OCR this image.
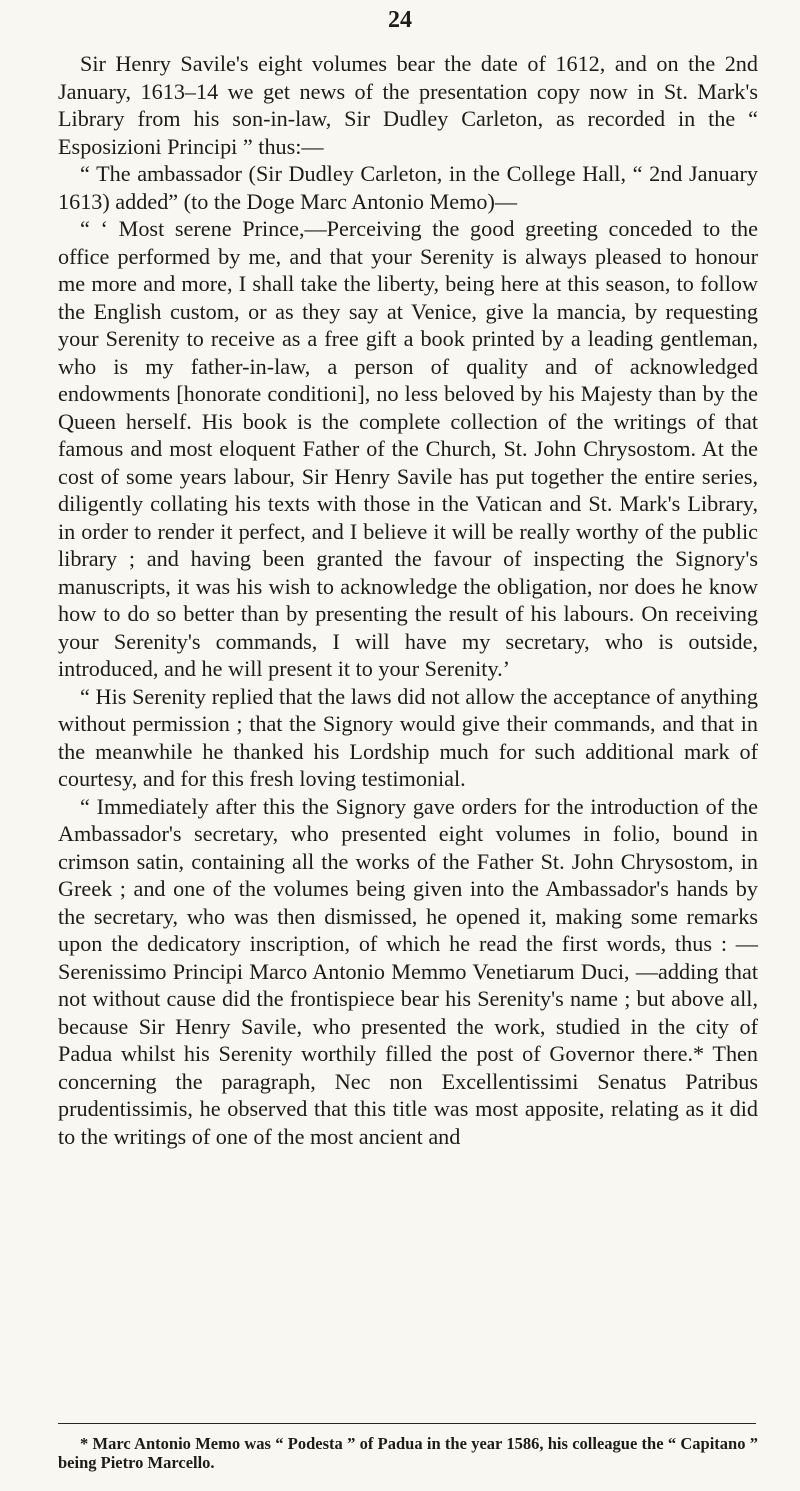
24

Sir Henry Savile's eight volumes bear the date of 1612, and on the 2nd January, 1613–14 we get news of the presentation copy now in St. Mark's Library from his son-in-law, Sir Dudley Carleton, as recorded in the “ Esposizioni Principi ” thus:—

“ The ambassador (Sir Dudley Carleton, in the College Hall, “ 2nd January 1613) added” (to the Doge Marc Antonio Memo)—

“ ‘ Most serene Prince,—Perceiving the good greeting conceded to the office performed by me, and that your Serenity is always pleased to honour me more and more, I shall take the liberty, being here at this season, to follow the English custom, or as they say at Venice, give la mancia, by requesting your Serenity to receive as a free gift a book printed by a leading gentleman, who is my father-in-law, a person of quality and of acknowledged endowments [honorate conditioni], no less beloved by his Majesty than by the Queen herself. His book is the complete collection of the writings of that famous and most eloquent Father of the Church, St. John Chrysostom. At the cost of some years labour, Sir Henry Savile has put together the entire series, diligently collating his texts with those in the Vatican and St. Mark's Library, in order to render it perfect, and I believe it will be really worthy of the public library ; and having been granted the favour of inspecting the Signory's manuscripts, it was his wish to acknowledge the obligation, nor does he know how to do so better than by presenting the result of his labours. On receiving your Serenity's commands, I will have my secretary, who is outside, introduced, and he will present it to your Serenity.’

“ His Serenity replied that the laws did not allow the acceptance of anything without permission ; that the Signory would give their commands, and that in the meanwhile he thanked his Lordship much for such additional mark of courtesy, and for this fresh loving testimonial.

“ Immediately after this the Signory gave orders for the introduction of the Ambassador's secretary, who presented eight volumes in folio, bound in crimson satin, containing all the works of the Father St. John Chrysostom, in Greek ; and one of the volumes being given into the Ambassador's hands by the secretary, who was then dismissed, he opened it, making some remarks upon the dedicatory inscription, of which he read the first words, thus : —Serenissimo Principi Marco Antonio Memmo Venetiarum Duci, —adding that not without cause did the frontispiece bear his Serenity's name ; but above all, because Sir Henry Savile, who presented the work, studied in the city of Padua whilst his Serenity worthily filled the post of Governor there.* Then concerning the paragraph, Nec non Excellentissimi Senatus Patribus prudentissimis, he observed that this title was most apposite, relating as it did to the writings of one of the most ancient and

* Marc Antonio Memo was “ Podesta ” of Padua in the year 1586, his colleague the “ Capitano ” being Pietro Marcello.
